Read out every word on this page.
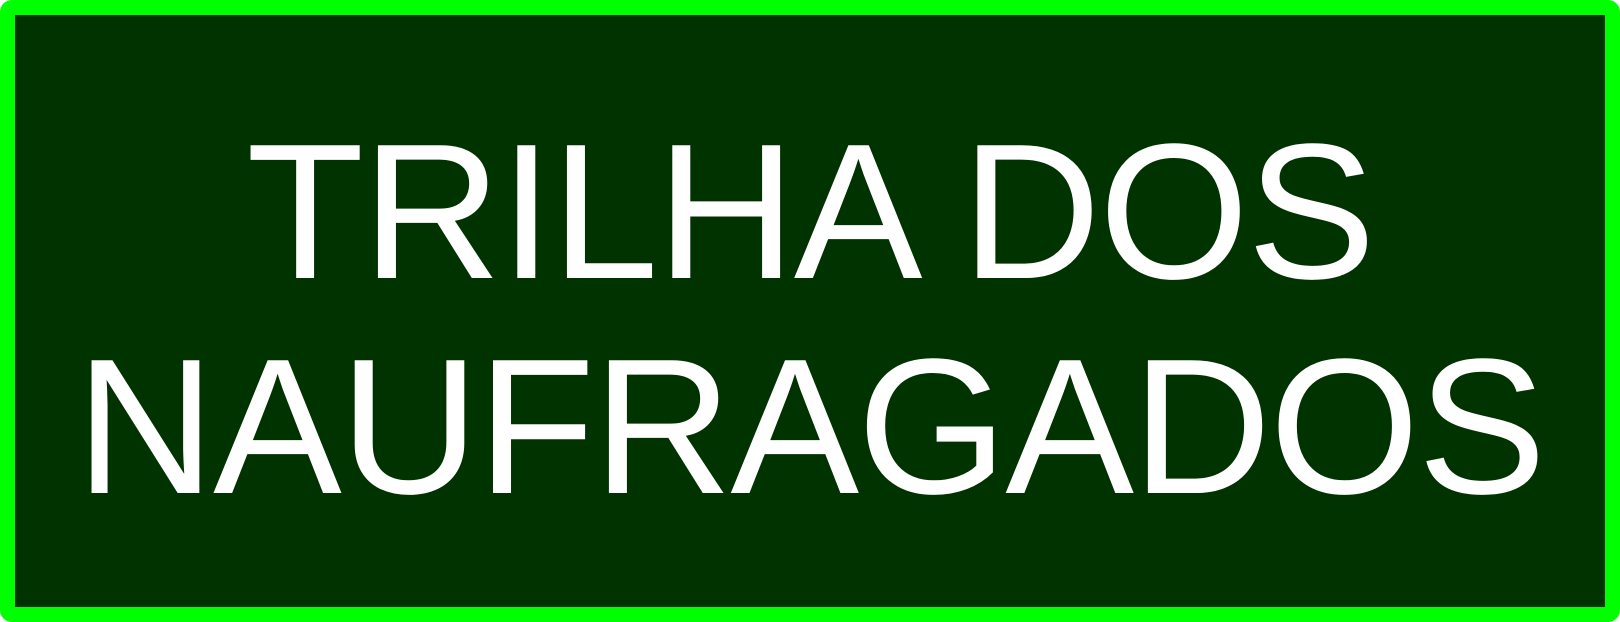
TRILHA DOS
NAUFRAGADOS
